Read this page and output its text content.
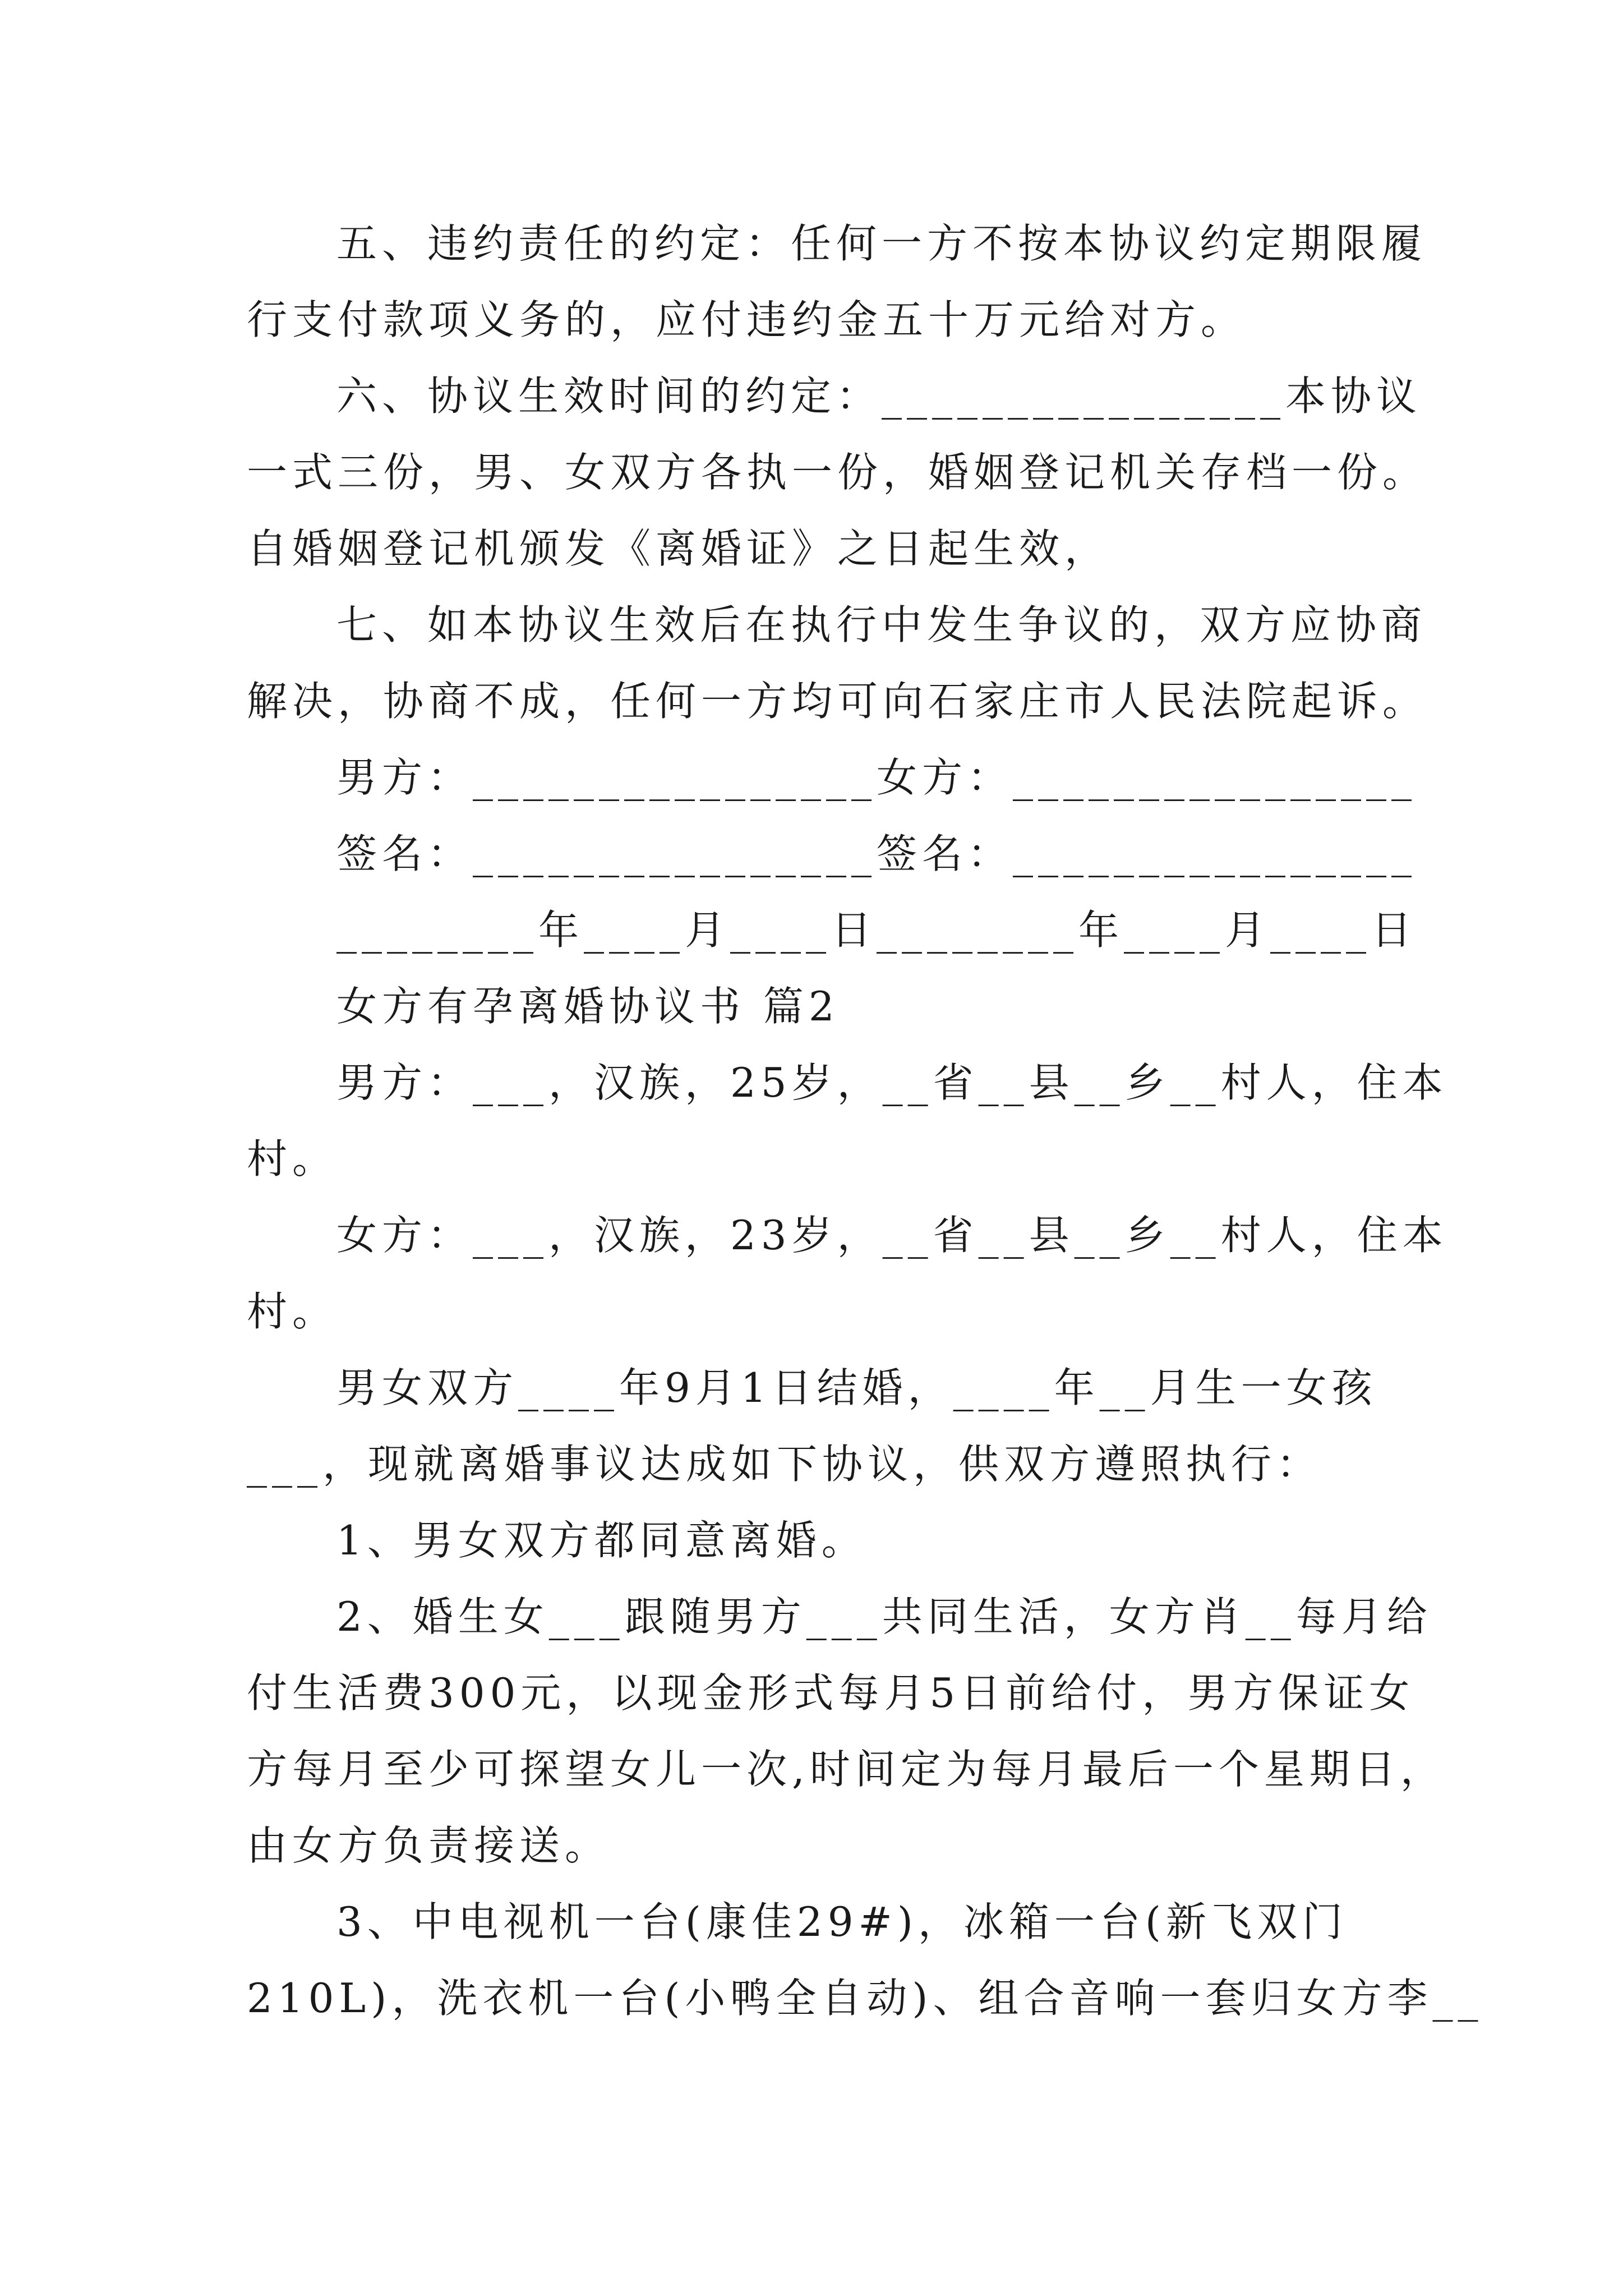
五、违约责任的约定：任何一方不按本协议约定期限履
行支付款项义务的，应付违约金五十万元给对方。
六、协议生效时间的约定：________________本协议
一式三份，男、女双方各执一份，婚姻登记机关存档一份。
自婚姻登记机颁发《离婚证》之日起生效，
七、如本协议生效后在执行中发生争议的，双方应协商
解决，协商不成，任何一方均可向石家庄市人民法院起诉。
男方：________________女方：________________
签名：________________签名：________________
________年____月____日________年____月____日
女方有孕离婚协议书 篇2
男方：___，汉族，25岁，__省__县__乡__村人，住本
村。
女方：___，汉族，23岁，__省__县__乡__村人，住本
村。
男女双方____年9月1日结婚，____年__月生一女孩
___，现就离婚事议达成如下协议，供双方遵照执行：
1、男女双方都同意离婚。
2、婚生女___跟随男方___共同生活，女方肖__每月给
付生活费300元，以现金形式每月5日前给付，男方保证女
方每月至少可探望女儿一次,时间定为每月最后一个星期日，
由女方负责接送。
3、中电视机一台(康佳29#)，冰箱一台(新飞双门
210L)，洗衣机一台(小鸭全自动)、组合音响一套归女方李__
